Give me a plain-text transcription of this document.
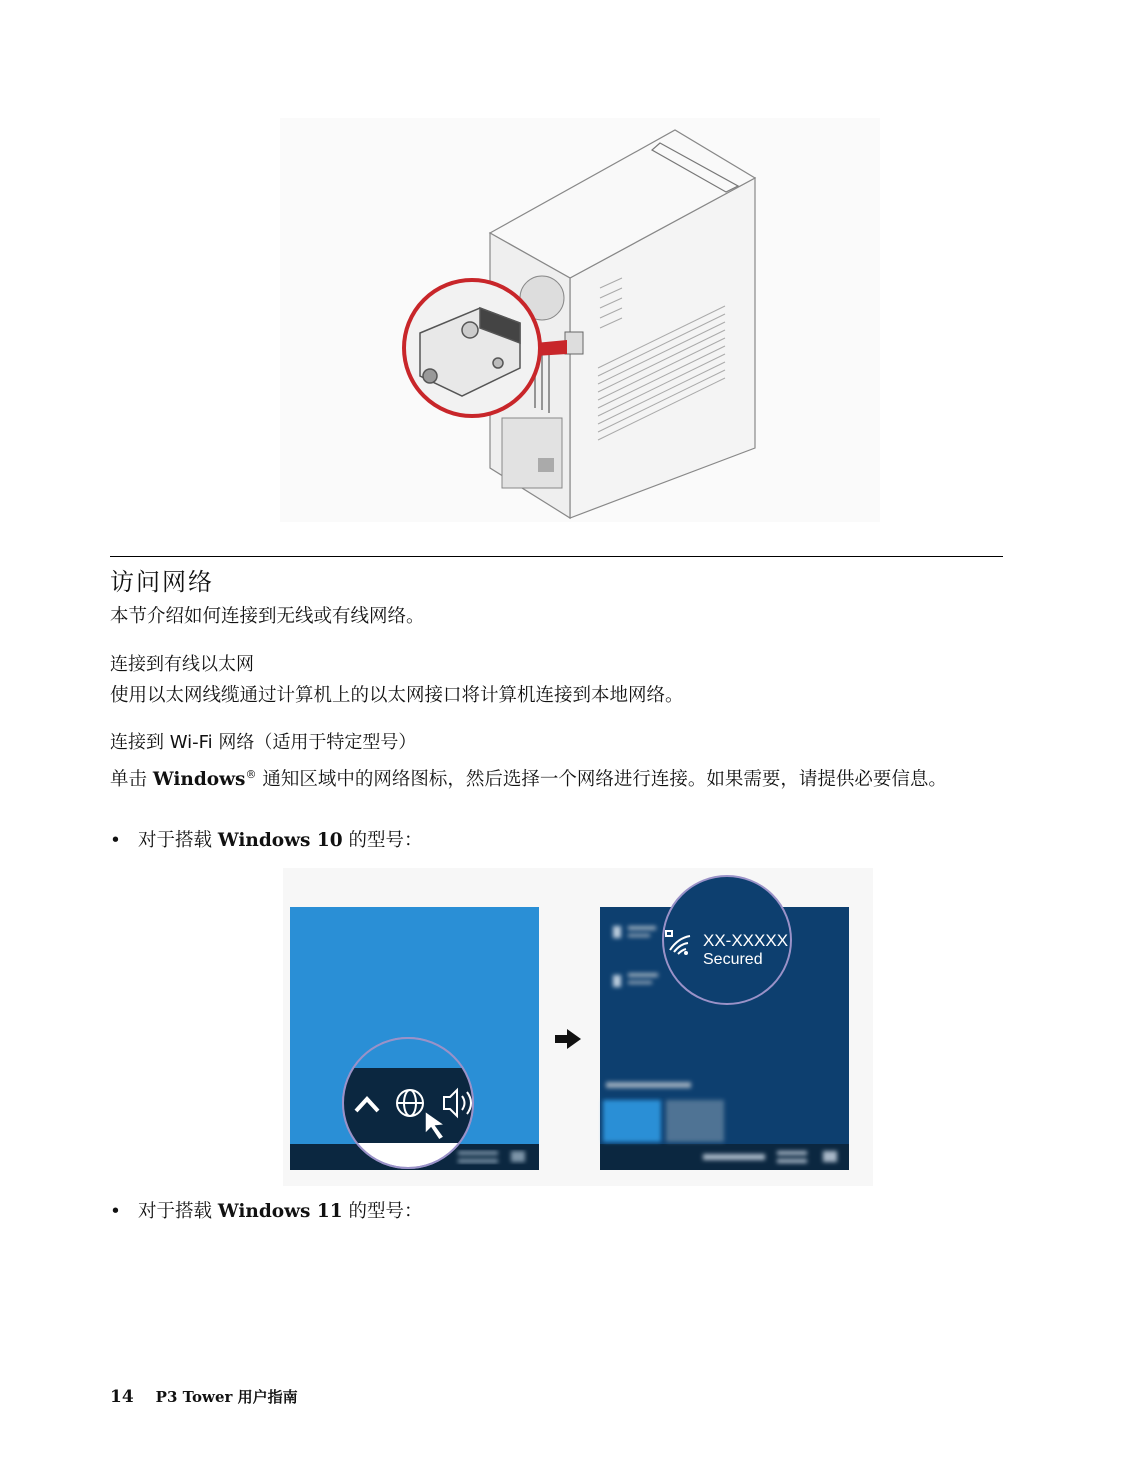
访问网络
本节介绍如何连接到无线或有线网络。
连接到有线以太网
使用以太网线缆通过计算机上的以太网接口将计算机连接到本地网络。
连接到 Wi-Fi 网络（适用于特定型号）
单击 Windows® 通知区域中的网络图标，然后选择一个网络进行连接。如果需要，请提供必要信息。
• 对于搭载 Windows 10 的型号：
XX-XXXXX
Secured
• 对于搭载 Windows 11 的型号：
14 P3 Tower 用户指南
